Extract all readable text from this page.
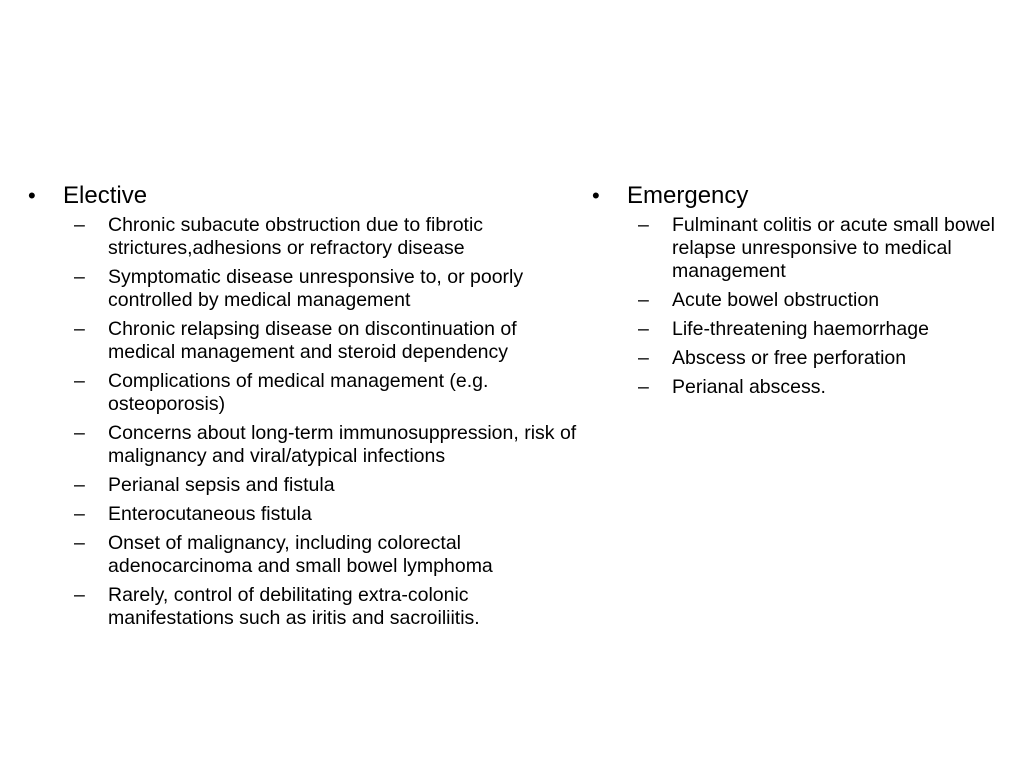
•	Elective
–	Chronic subacute obstruction due to fibrotic strictures,adhesions or refractory disease
–	Symptomatic disease unresponsive to, or poorly controlled by medical management
–	Chronic relapsing disease on discontinuation of medical management and steroid dependency
–	Complications of medical management (e.g. osteoporosis)
–	Concerns about long-term immunosuppression, risk of malignancy and viral/atypical infections
–	Perianal sepsis and fistula
–	Enterocutaneous fistula
–	Onset of malignancy, including colorectal adenocarcinoma and small bowel lymphoma
–	Rarely, control of debilitating extra-colonic manifestations such as iritis and sacroiliitis.
•	Emergency
–	Fulminant colitis or acute small bowel relapse unresponsive to medical management
–	Acute bowel obstruction
–	Life-threatening haemorrhage
–	Abscess or free perforation
–	Perianal abscess.
